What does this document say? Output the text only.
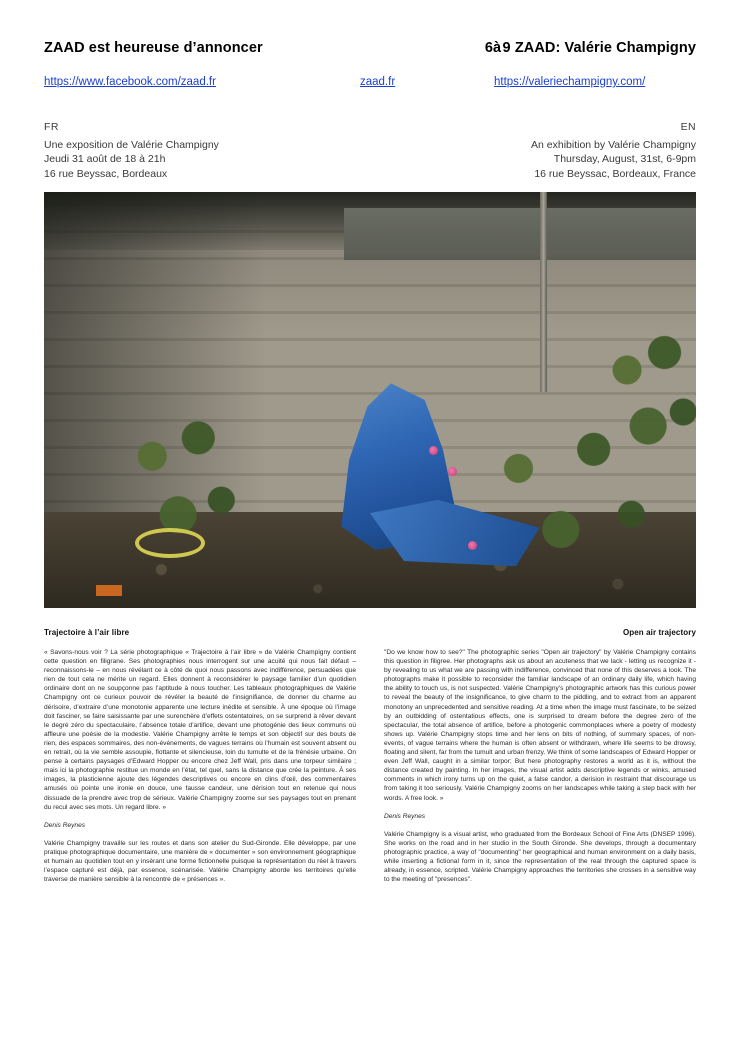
ZAAD est heureuse d’annoncer	6à 9 ZAAD: Valérie Champigny
https://www.facebook.com/zaad.fr	zaad.fr	https://valeriechampigny.com/
FR
Une exposition de Valérie Champigny
Jeudi 31 août de 18 à 21h
16 rue Beyssac, Bordeaux
EN
An exhibition by Valérie Champigny
Thursday, August, 31st, 6-9pm
16 rue Beyssac, Bordeaux, France
Trajectoire à l’air libre	Open air trajectory

« Savons-nous voir ? La série photographique « Trajectoire à l’air libre » de Valérie Champigny contient cette question en filigrane. Ses photographies nous interrogent sur une acuité qui nous fait défaut – reconnaissons-le – en nous révélant ce à côté de quoi nous passons avec indifférence, persuadées que rien de tout cela ne mérite un regard. Elles donnent à reconsidérer le paysage familier d’un quotidien ordinaire dont on ne soupçonne pas l’aptitude à nous toucher. Les tableaux photographiques de Valérie Champigny ont ce curieux pouvoir de révéler la beauté de l’insignifiance, de donner du charme au dérisoire, d’extraire d’une monotonie apparente une lecture inédite et sensible. À une époque où l’image doit fasciner, se faire saisissante par une surenchère d’effets ostentatoires, on se surprend à rêver devant le degré zéro du spectaculaire, l’absence totale d’artifice, devant une photogénie des lieux communs où affleure une poésie de la modestie. Valérie Champigny arrête le temps et son objectif sur des bouts de rien, des espaces sommaires, des non-événements, de vagues terrains où l’humain est souvent absent ou en retrait, où la vie semble assoupie, flottante et silencieuse, loin du tumulte et de la frénésie urbaine. On pense à certains paysages d’Edward Hopper ou encore chez Jeff Wall, pris dans une torpeur similaire ; mais ici la photographie restitue un monde en l’état, tel quel, sans la distance que crée la peinture. À ses images, la plasticienne ajoute des légendes descriptives ou encore en clins d’œil, des commentaires amusés où pointe une ironie en douce, une fausse candeur, une dérision tout en retenue qui nous dissuade de la prendre avec trop de sérieux. Valérie Champigny zoome sur ses paysages tout en prenant du recul avec ses mots. Un regard libre. »

Denis Reynes

Valérie Champigny travaille sur les routes et dans son atelier du Sud-Gironde. Elle développe, par une pratique photographique documentaire, une manière de « documenter » son environnement géographique et humain au quotidien tout en y insérant une forme fictionnelle puisque la représentation du réel à travers l’espace capturé est déjà, par essence, scénarisée. Valérie Champigny aborde les territoires qu’elle traverse de manière sensible à la rencontre de « présences ».

"Do we know how to see?" The photographic series "Open air trajectory" by Valérie Champigny contains this question in filigree. Her photographs ask us about an acuteness that we lack - letting us recognize it - by revealing to us what we are passing with indifference, convinced that none of this deserves a look. The photographs make it possible to reconsider the familiar landscape of an ordinary daily life, which having the ability to touch us, is not suspected. Valérie Champigny's photographic artwork has this curious power to reveal the beauty of the insignificance, to give charm to the piddling, and to extract from an apparent monotony an unprecedented and sensitive reading. At a time when the image must fascinate, to be seized by an outbidding of ostentatious effects, one is surprised to dream before the degree zero of the spectacular, the total absence of artifice, before a photogenic commonplaces where a poetry of modesty shows up. Valérie Champigny stops time and her lens on bits of nothing, of summary spaces, of non-events, of vague terrains where the human is often absent or withdrawn, where life seems to be drowsy, floating and silent, far from the tumult and urban frenzy. We think of some landscapes of Edward Hopper or even Jeff Wall, caught in a similar torpor; But here photography restores a world as it is, without the distance created by painting. In her images, the visual artist adds descriptive legends or winks, amused comments in which irony turns up on the quiet, a false candor, a derision in restraint that discourage us from taking it too seriously. Valérie Champigny zooms on her landscapes while taking a step back with her words. A free look. »

Denis Reynes

Valérie Champigny is a visual artist, who graduated from the Bordeaux School of Fine Arts (DNSEP 1996). She works on the road and in her studio in the South Gironde. She develops, through a documentary photographic practice, a way of "documenting" her geographical and human environment on a daily basis, while inserting a fictional form in it, since the representation of the real through the captured space is already, in essence, scripted. Valérie Champigny approaches the territories she crosses in a sensitive way to the meeting of "presences".
